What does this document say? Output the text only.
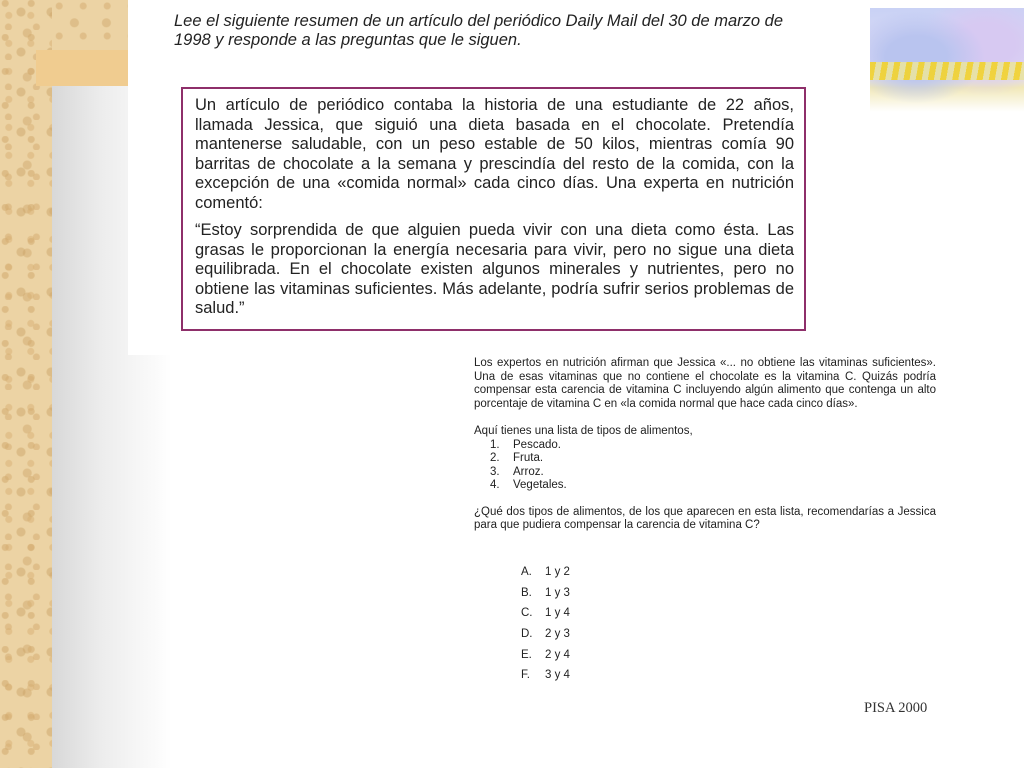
Lee el siguiente resumen de un artículo del periódico Daily Mail del 30 de marzo de 1998 y responde a las preguntas que le siguen.

Un artículo de periódico contaba la historia de una estudiante de 22 años, llamada Jessica, que siguió una dieta basada en el chocolate. Pretendía mantenerse saludable, con un peso estable de 50 kilos, mientras comía 90 barritas de chocolate a la semana y prescindía del resto de la comida, con la excepción de una «comida normal» cada cinco días. Una experta en nutrición comentó:

“Estoy sorprendida de que alguien pueda vivir con una dieta como ésta. Las grasas le proporcionan la energía necesaria para vivir, pero no sigue una dieta equilibrada. En el chocolate existen algunos minerales y nutrientes, pero no obtiene las vitaminas suficientes. Más adelante, podría sufrir serios problemas de salud.”

Los expertos en nutrición afirman que Jessica «... no obtiene las vitaminas suficientes». Una de esas vitaminas que no contiene el chocolate es la vitamina C. Quizás podría compensar esta carencia de vitamina C incluyendo algún alimento que contenga un alto porcentaje de vitamina C en «la comida normal que hace cada cinco días».

Aquí tienes una lista de tipos de alimentos,

1.	Pescado.
2.	Fruta.
3.	Arroz.
4.	Vegetales.

¿Qué dos tipos de alimentos, de los que aparecen en esta lista, recomendarías a Jessica para que pudiera compensar la carencia de vitamina C?

A.	1 y 2
B.	1 y 3
C.	1 y 4
D.	2 y 3
E.	2 y 4
F.	3 y 4
PISA 2000
